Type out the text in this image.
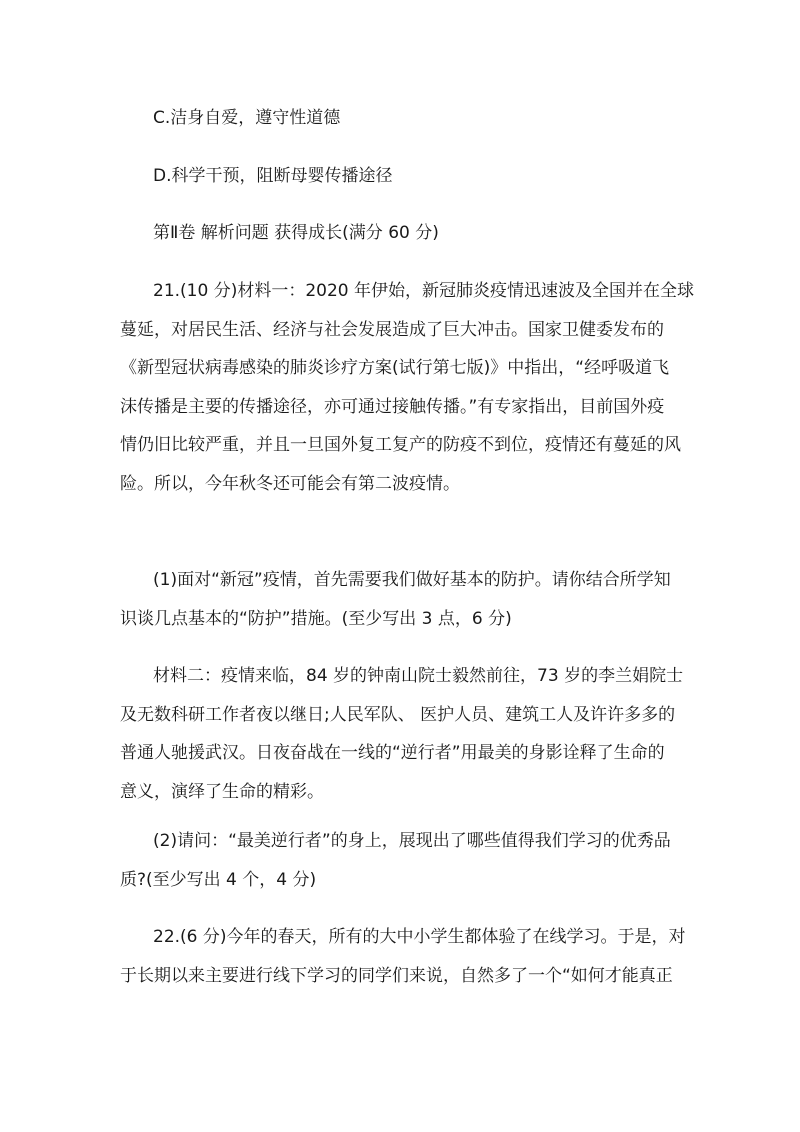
C.洁身自爱，遵守性道德

D.科学干预，阻断母婴传播途径

第Ⅱ卷 解析问题 获得成长(满分 60 分)

21.(10 分)材料一：2020 年伊始，新冠肺炎疫情迅速波及全国并在全球
蔓延，对居民生活、经济与社会发展造成了巨大冲击。国家卫健委发布的
《新型冠状病毒感染的肺炎诊疗方案(试行第七版)》中指出，“经呼吸道飞
沫传播是主要的传播途径，亦可通过接触传播。”有专家指出，目前国外疫
情仍旧比较严重，并且一旦国外复工复产的防疫不到位，疫情还有蔓延的风
险。所以，今年秋冬还可能会有第二波疫情。

(1)面对“新冠”疫情，首先需要我们做好基本的防护。请你结合所学知
识谈几点基本的“防护”措施。(至少写出 3 点，6 分)

材料二：疫情来临，84 岁的钟南山院士毅然前往，73 岁的李兰娟院士
及无数科研工作者夜以继日;人民军队、 医护人员、建筑工人及许许多多的
普通人驰援武汉。日夜奋战在一线的“逆行者”用最美的身影诠释了生命的
意义，演绎了生命的精彩。

(2)请问：“最美逆行者”的身上，展现出了哪些值得我们学习的优秀品
质?(至少写出 4 个，4 分)

22.(6 分)今年的春天，所有的大中小学生都体验了在线学习。于是，对
于长期以来主要进行线下学习的同学们来说，自然多了一个“如何才能真正
